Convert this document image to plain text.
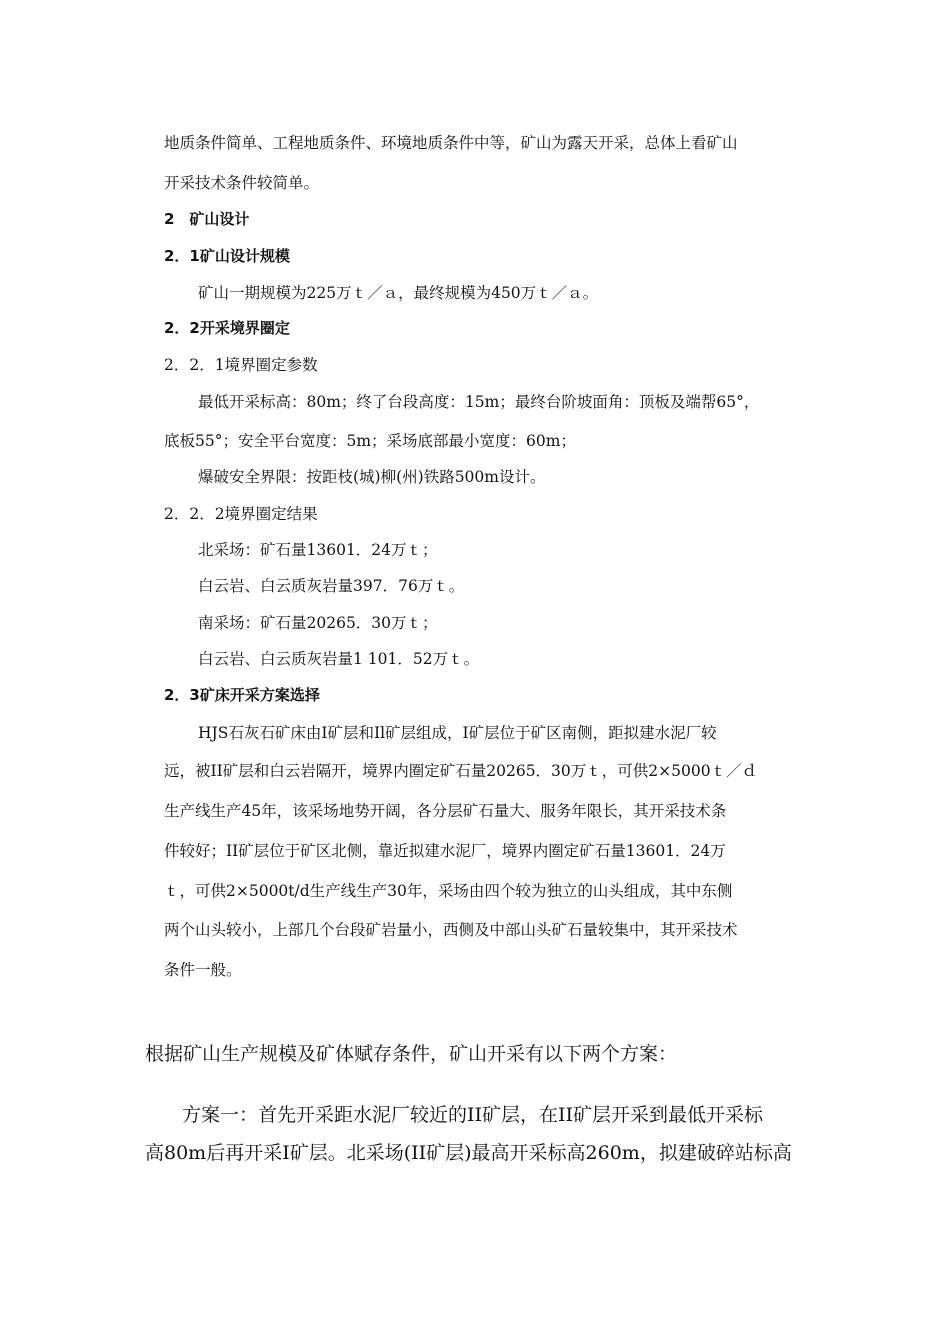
地质条件简单、工程地质条件、环境地质条件中等，矿山为露天开采，总体上看矿山

开采技术条件较简单。

2　矿山设计

2．1矿山设计规模

矿山一期规模为225万ｔ／ａ，最终规模为450万ｔ／ａ。

2．2开采境界圈定

2．2．1境界圈定参数

最低开采标高：80m；终了台段高度：15m；最终台阶坡面角：顶板及端帮65°，

底板55°；安全平台宽度：5m；采场底部最小宽度：60m；

爆破安全界限：按距枝(城)柳(州)铁路500m设计。

2．2．2境界圈定结果

北采场：矿石量13601．24万ｔ；

白云岩、白云质灰岩量397．76万ｔ。

南采场：矿石量20265．30万ｔ；

白云岩、白云质灰岩量1 101．52万ｔ。

2．3矿床开采方案选择

HJS石灰石矿床由I矿层和Il矿层组成，I矿层位于矿区南侧，距拟建水泥厂较

远，被II矿层和白云岩隔开，境界内圈定矿石量20265．30万ｔ，可供2×5000ｔ／ｄ

生产线生产45年，该采场地势开阔，各分层矿石量大、服务年限长，其开采技术条

件较好；II矿层位于矿区北侧，靠近拟建水泥厂，境界内圈定矿石量13601．24万

ｔ，可供2×5000t/d生产线生产30年，采场由四个较为独立的山头组成，其中东侧

两个山头较小，上部几个台段矿岩量小，西侧及中部山头矿石量较集中，其开采技术

条件一般。

根据矿山生产规模及矿体赋存条件，矿山开采有以下两个方案：

方案一：首先开采距水泥厂较近的II矿层，在II矿层开采到最低开采标

高80m后再开采I矿层。北采场(II矿层)最高开采标高260m，拟建破碎站标高
